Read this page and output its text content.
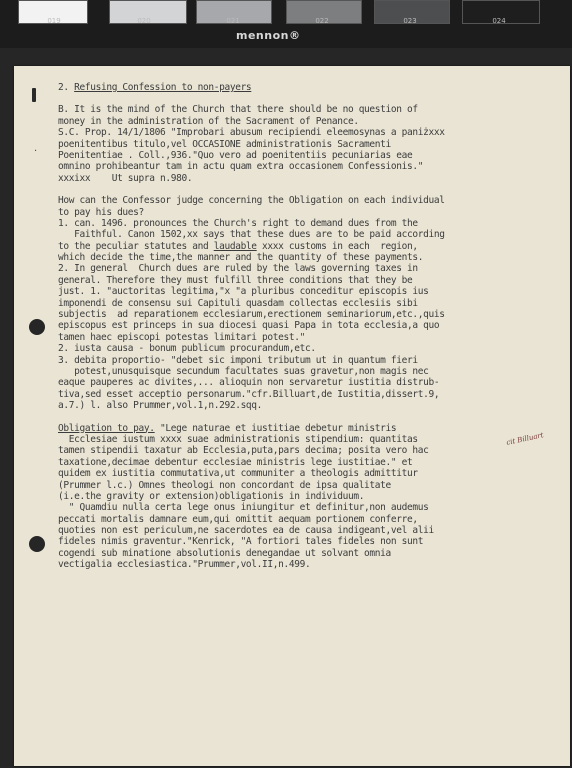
019	020	021	022	023	024
mennon®
·
2. Refusing Confession to non-payers
B. It is the mind of the Church that there should be no question of
money in the administration of the Sacrament of Penance.
S.C. Prop. 14/1/1806 "Improbari abusum recipiendi eleemosynas a paniżxxx
poenitentibus titulo,vel OCCASIONE administrationis Sacramenti
Poenitentiae . Coll.,936."Quo vero ad poenitentiis pecuniarias eae
omnino prohibeantur tam in actu quam extra occasionem Confessionis."
xxxixx    Ut supra n.980.
How can the Confessor judge concerning the Obligation on each individual
to pay his dues?
1. can. 1496. pronounces the Church's right to demand dues from the
Faithful. Canon 1502,xx says that these dues are to be paid according
to the peculiar statutes and laudable xxxx customs in each  region,
which decide the time,the manner and the quantity of these payments.
2. In general  Church dues are ruled by the laws governing taxes in
general. Therefore they must fulfill three conditions that they be
just. 1. "auctoritas legitima,"x "a pluribus conceditur episcopis ius
imponendi de consensu sui Capituli quasdam collectas ecclesiis sibi
subjectis  ad reparationem ecclesiarum,erectionem seminariorum,etc.,quis
episcopus est princeps in sua diocesi quasi Papa in tota ecclesia,a quo
tamen haec episcopi potestas limitari potest."
2. iusta causa - bonum publicum procurandum,etc.
3. debita proportio- "debet sic imponi tributum ut in quantum fieri
potest,unusquisque secundum facultates suas gravetur,non magis nec
eaque pauperes ac divites,... alioquin non servaretur iustitia distrub-
tiva,sed esset acceptio personarum."cfr.Billuart,de Iustitia,dissert.9,
a.7.) l. also Prummer,vol.1,n.292.sqq.
Obligation to pay. "Lege naturae et iustitiae debetur ministris
Ecclesiae iustum xxxx suae administrationis stipendium: quantitas
tamen stipendii taxatur ab Ecclesia,puta,pars decima; posita vero hac
taxatione,decimae debentur ecclesiae ministris lege iustitiae." et
quidem ex iustitia commutativa,ut communiter a theologis admittitur
(Prummer l.c.) Omnes theologi non concordant de ipsa qualitate
(i.e.the gravity or extension)obligationis in individuum.
" Quamdiu nulla certa lege onus iniungitur et definitur,non audemus
peccati mortalis damnare eum,qui omittit aequam portionem conferre,
quoties non est periculum,ne sacerdotes ea de causa indigeant,vel alii
fideles nimis graventur."Kenrick, "A fortiori tales fideles non sunt
cogendi sub minatione absolutionis denegandae ut solvant omnia
vectigalia ecclesiastica."Prummer,vol.II,n.499.
cit Billuart
